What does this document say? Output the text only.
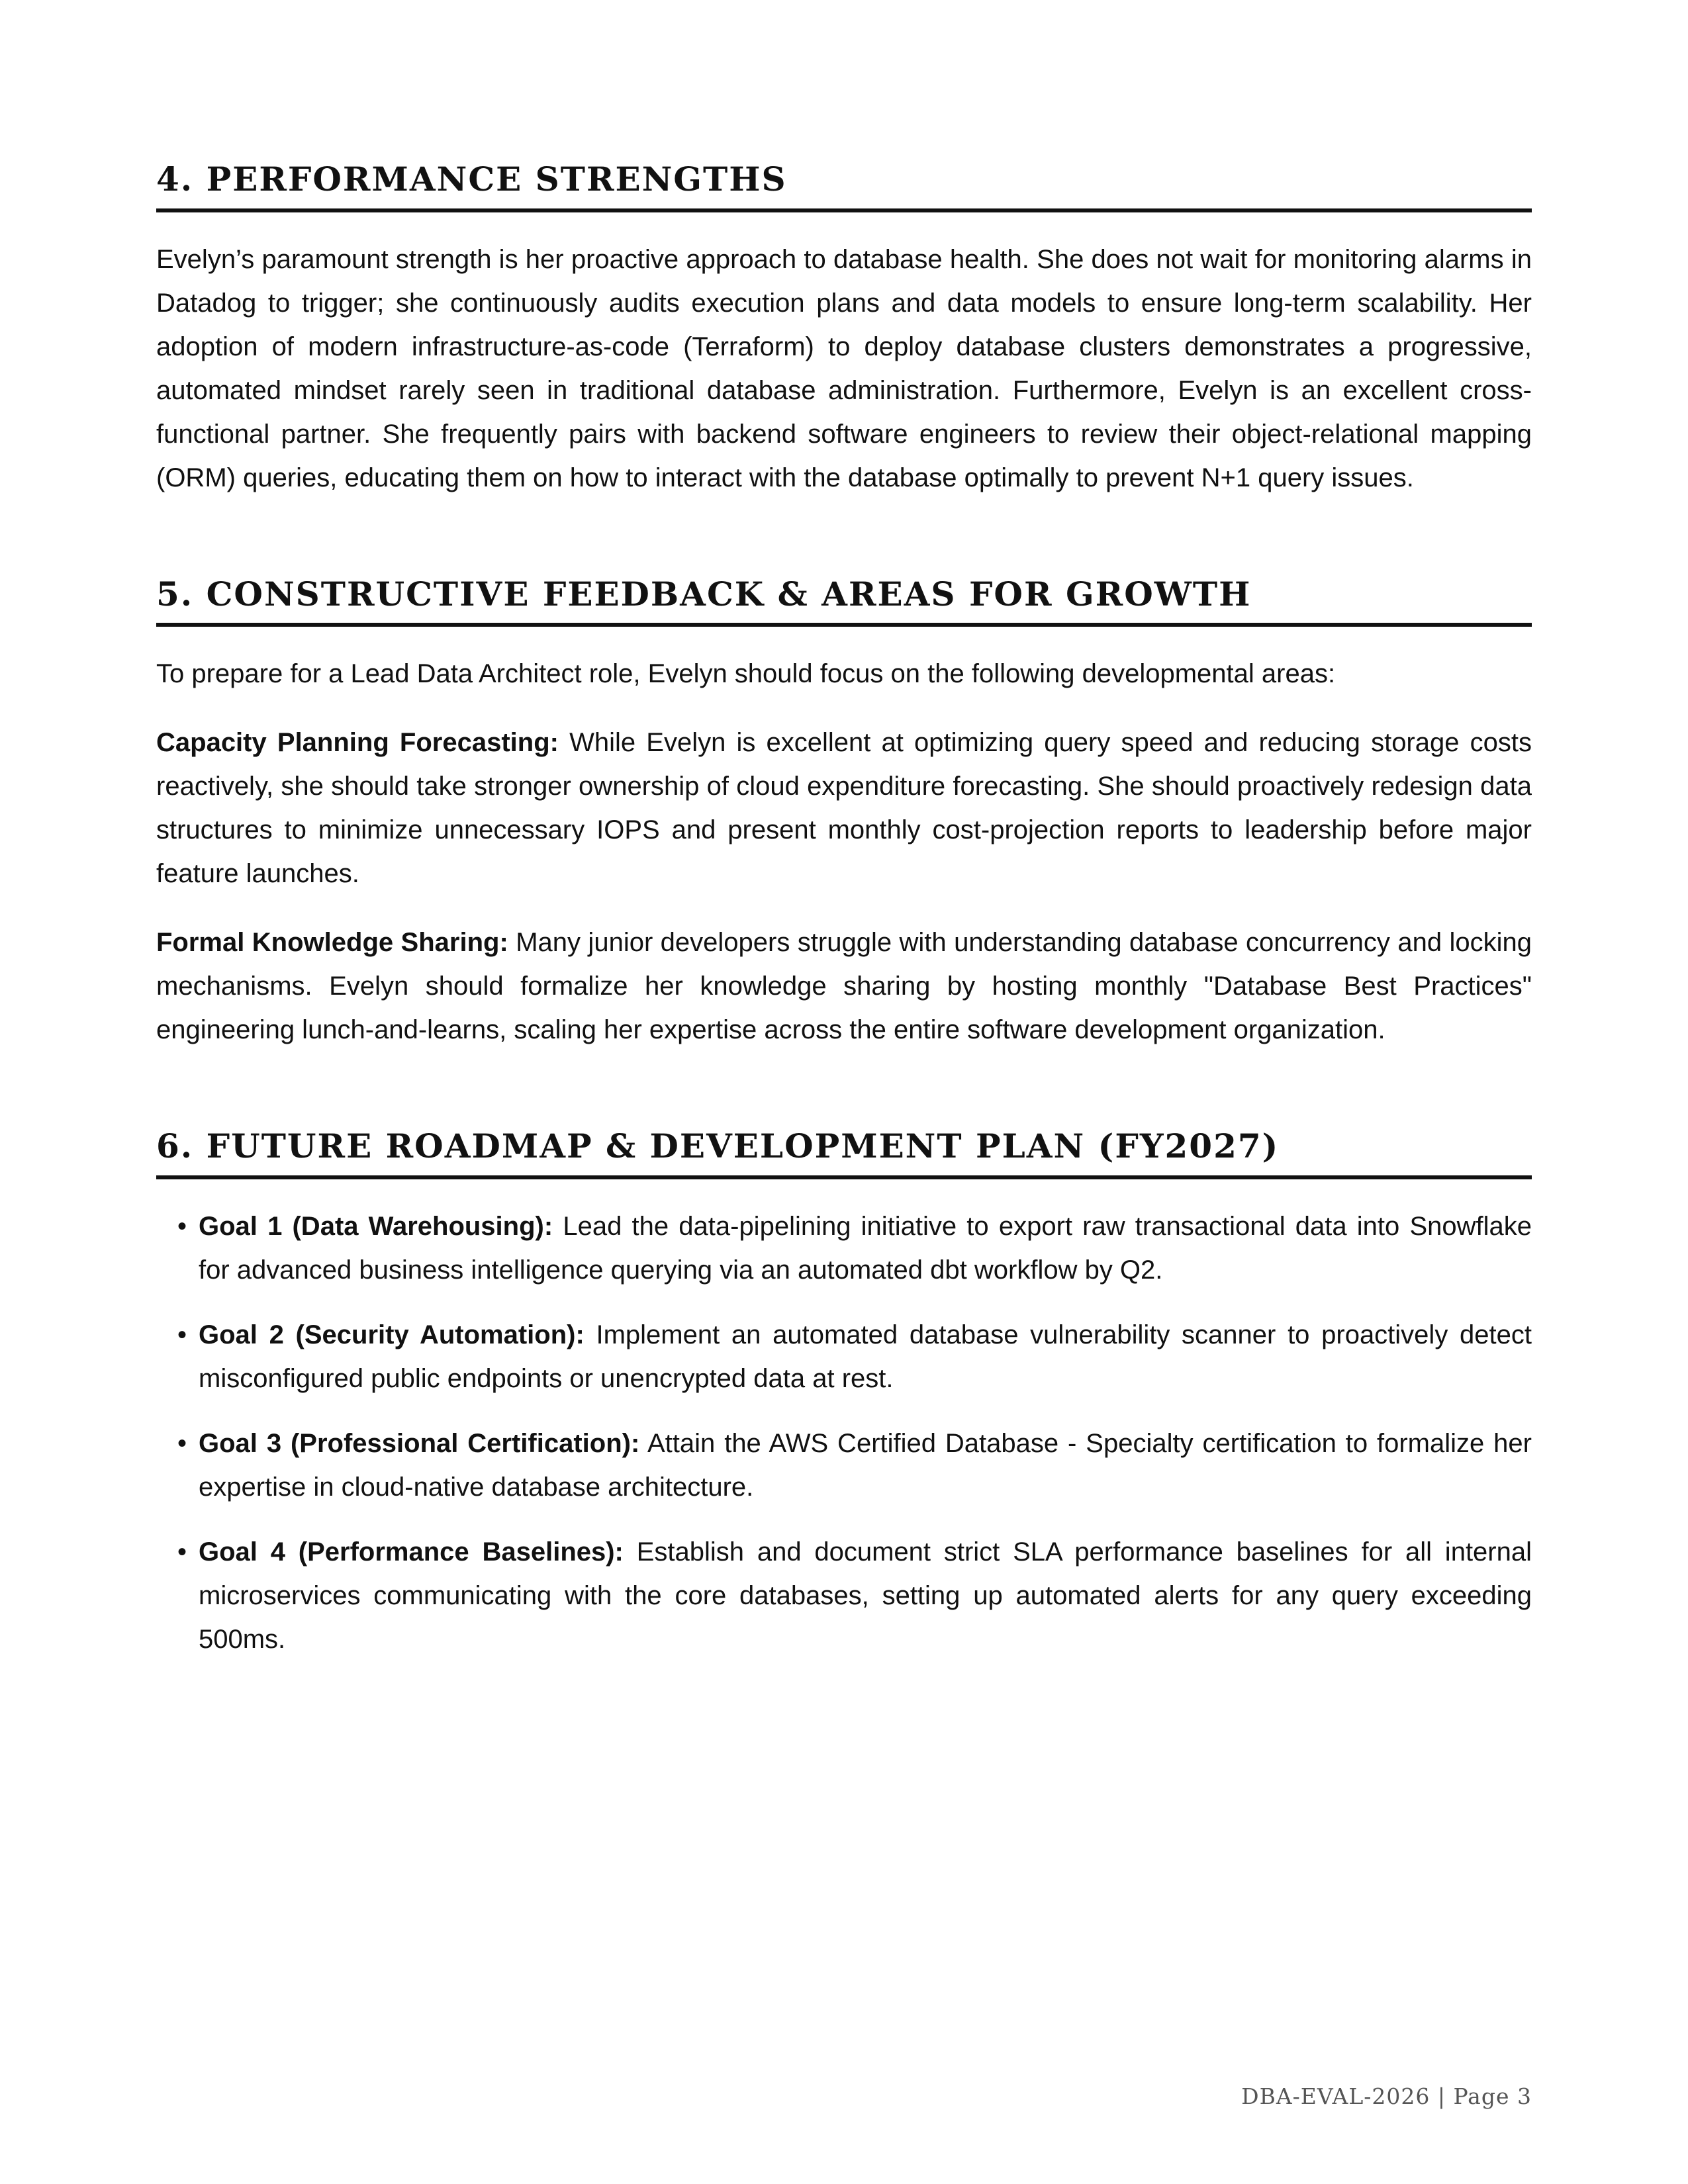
4. PERFORMANCE STRENGTHS

Evelyn’s paramount strength is her proactive approach to database health. She does not wait for monitoring alarms in Datadog to trigger; she continuously audits execution plans and data models to ensure long-term scalability. Her adoption of modern infrastructure-as-code (Terraform) to deploy database clusters demonstrates a progressive, automated mindset rarely seen in traditional database administration. Furthermore, Evelyn is an excellent cross-functional partner. She frequently pairs with backend software engineers to review their object-relational mapping (ORM) queries, educating them on how to interact with the database optimally to prevent N+1 query issues.

5. CONSTRUCTIVE FEEDBACK & AREAS FOR GROWTH

To prepare for a Lead Data Architect role, Evelyn should focus on the following developmental areas:

Capacity Planning Forecasting: While Evelyn is excellent at optimizing query speed and reducing storage costs reactively, she should take stronger ownership of cloud expenditure forecasting. She should proactively redesign data structures to minimize unnecessary IOPS and present monthly cost-projection reports to leadership before major feature launches.

Formal Knowledge Sharing: Many junior developers struggle with understanding database concurrency and locking mechanisms. Evelyn should formalize her knowledge sharing by hosting monthly "Database Best Practices" engineering lunch-and-learns, scaling her expertise across the entire software development organization.

6. FUTURE ROADMAP & DEVELOPMENT PLAN (FY2027)
• Goal 1 (Data Warehousing): Lead the data-pipelining initiative to export raw transactional data into Snowflake for advanced business intelligence querying via an automated dbt workflow by Q2.
• Goal 2 (Security Automation): Implement an automated database vulnerability scanner to proactively detect misconfigured public endpoints or unencrypted data at rest.
• Goal 3 (Professional Certification): Attain the AWS Certified Database - Specialty certification to formalize her expertise in cloud-native database architecture.
• Goal 4 (Performance Baselines): Establish and document strict SLA performance baselines for all internal microservices communicating with the core databases, setting up automated alerts for any query exceeding 500ms.
DBA-EVAL-2026 | Page 3
